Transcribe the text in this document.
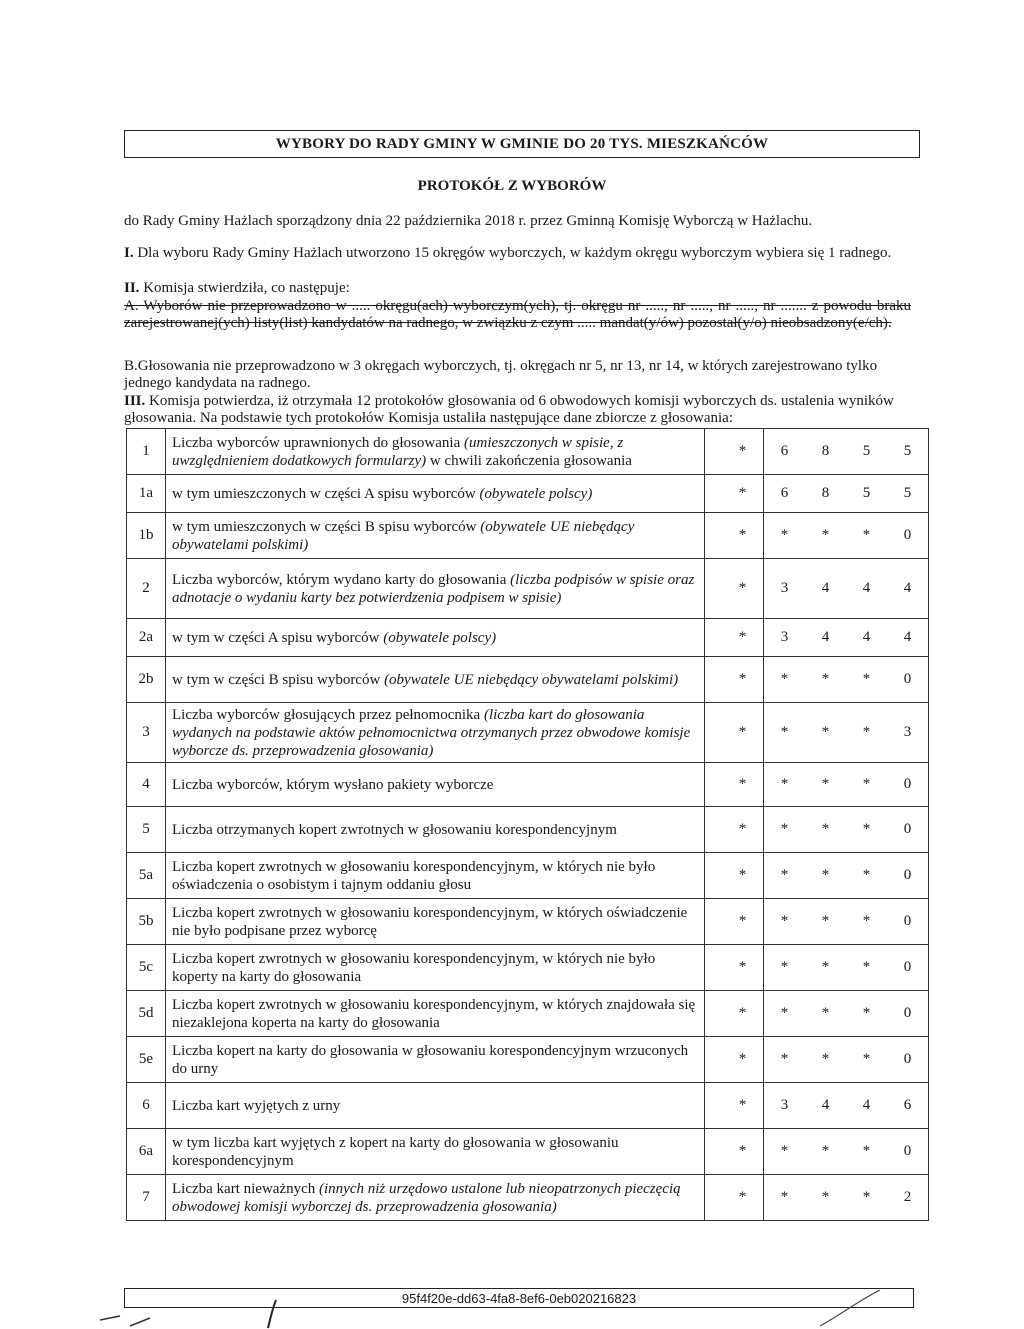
WYBORY DO RADY GMINY W GMINIE DO 20 TYS. MIESZKAŃCÓW
PROTOKÓŁ Z WYBORÓW
do Rady Gminy Hażlach sporządzony dnia 22 października 2018 r. przez Gminną Komisję Wyborczą w Hażlachu.
I. Dla wyboru Rady Gminy Hażlach utworzono 15 okręgów wyborczych, w każdym okręgu wyborczym wybiera się 1 radnego.
II. Komisja stwierdziła, co następuje:
A. Wyborów nie przeprowadzono w ..... okręgu(ach) wyborczym(ych), tj. okręgu nr ....., nr ....., nr ....., nr ....... z powodu braku zarejestrowanej(ych) listy(list) kandydatów na radnego, w związku z czym ..... mandat(y/ów) pozostał(y/o) nieobsadzony(e/ch).
B.Głosowania nie przeprowadzono w 3 okręgach wyborczych, tj. okręgach nr 5, nr 13, nr 14, w których zarejestrowano tylko jednego kandydata na radnego.
III. Komisja potwierdza, iż otrzymała 12 protokołów głosowania od 6 obwodowych komisji wyborczych ds. ustalenia wyników głosowania. Na podstawie tych protokołów Komisja ustaliła następujące dane zbiorcze z głosowania:
1	Liczba wyborców uprawnionych do głosowania (umieszczonych w spisie, z uwzględnieniem dodatkowych formularzy) w chwili zakończenia głosowania		*	6	8	5	5
1a	w tym umieszczonych w części A spisu wyborców (obywatele polscy)		*	6	8	5	5
1b	w tym umieszczonych w części B spisu wyborców (obywatele UE niebędący obywatelami polskimi)		*	*	*	*	0
2	Liczba wyborców, którym wydano karty do głosowania (liczba podpisów w spisie oraz adnotacje o wydaniu karty bez potwierdzenia podpisem w spisie)		*	3	4	4	4
2a	w tym w części A spisu wyborców (obywatele polscy)		*	3	4	4	4
2b	w tym w części B spisu wyborców (obywatele UE niebędący obywatelami polskimi)		*	*	*	*	0
3	Liczba wyborców głosujących przez pełnomocnika (liczba kart do głosowania wydanych na podstawie aktów pełnomocnictwa otrzymanych przez obwodowe komisje wyborcze ds. przeprowadzenia głosowania)		*	*	*	*	3
4	Liczba wyborców, którym wysłano pakiety wyborcze		*	*	*	*	0
5	Liczba otrzymanych kopert zwrotnych w głosowaniu korespondencyjnym		*	*	*	*	0
5a	Liczba kopert zwrotnych w głosowaniu korespondencyjnym, w których nie było oświadczenia o osobistym i tajnym oddaniu głosu		*	*	*	*	0
5b	Liczba kopert zwrotnych w głosowaniu korespondencyjnym, w których oświadczenie nie było podpisane przez wyborcę		*	*	*	*	0
5c	Liczba kopert zwrotnych w głosowaniu korespondencyjnym, w których nie było koperty na karty do głosowania		*	*	*	*	0
5d	Liczba kopert zwrotnych w głosowaniu korespondencyjnym, w których znajdowała się niezaklejona koperta na karty do głosowania		*	*	*	*	0
5e	Liczba kopert na karty do głosowania w głosowaniu korespondencyjnym wrzuconych do urny		*	*	*	*	0
6	Liczba kart wyjętych z urny		*	3	4	4	6
6a	w tym liczba kart wyjętych z kopert na karty do głosowania w głosowaniu korespondencyjnym		*	*	*	*	0
7	Liczba kart nieważnych (innych niż urzędowo ustalone lub nieopatrzonych pieczęcią obwodowej komisji wyborczej ds. przeprowadzenia głosowania)		*	*	*	*	2
95f4f20e-dd63-4fa8-8ef6-0eb020216823
